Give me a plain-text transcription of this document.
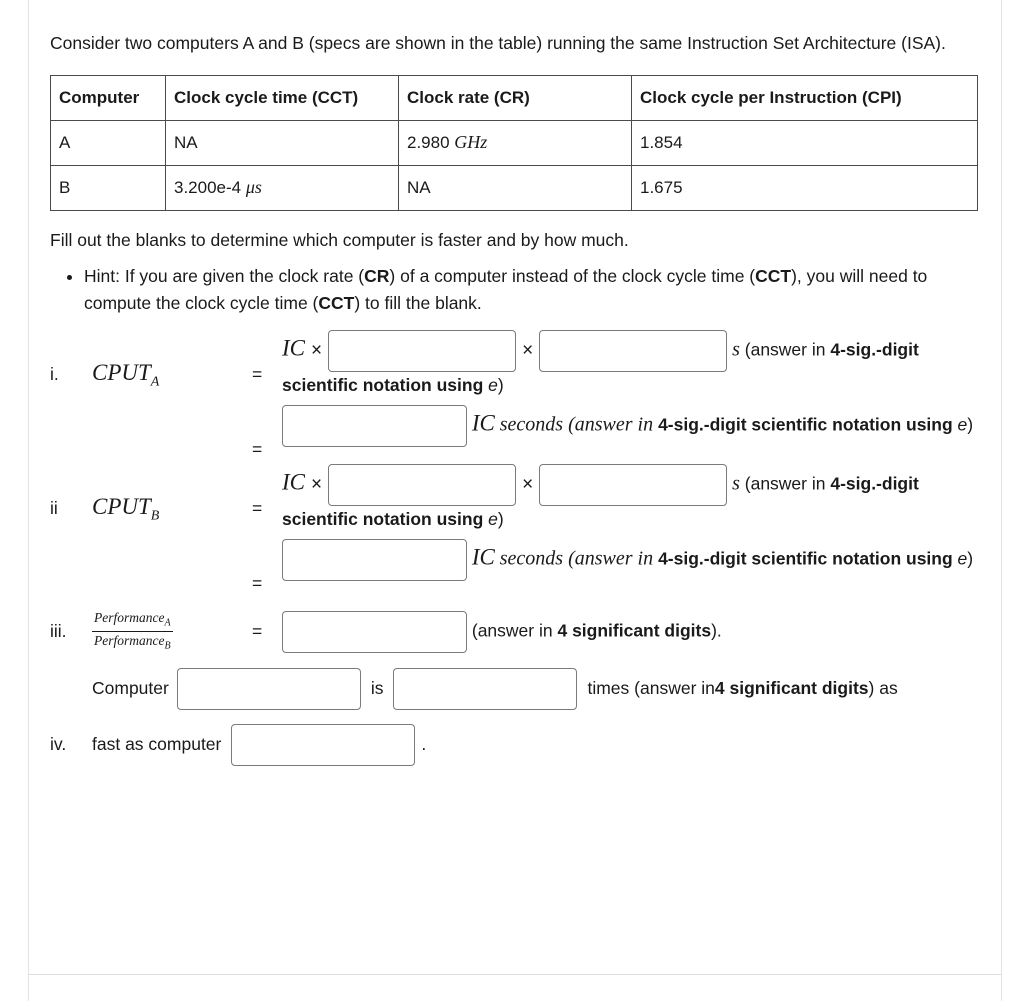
Consider two computers A and B (specs are shown in the table) running the same Instruction Set Architecture (ISA).

Computer	Clock cycle time (CCT)	Clock rate (CR)	Clock cycle per Instruction (CPI)
A	NA	2.980 GHz	1.854
B	3.200e-4 μs	NA	1.675

Fill out the blanks to determine which computer is faster and by how much.

• Hint: If you are given the clock rate (CR) of a computer instead of the clock cycle time (CCT), you will need to compute the clock cycle time (CCT) to fill the blank.
i.	$CPUT_A$	=
IC ×	×	s (answer in 4-sig.-digit scientific notation using e)
=
IC seconds (answer in 4-sig.-digit scientific notation using e)
ii	$CPUT_B$	=
IC ×	×	s (answer in 4-sig.-digit scientific notation using e)
=
IC seconds (answer in 4-sig.-digit scientific notation using e)
iii.	$\frac{Performance_A}{Performance_B}$	=	(answer in 4 significant digits).
Computer	is	times (answer in 4 significant digits ) as
iv.	fast as computer	.
